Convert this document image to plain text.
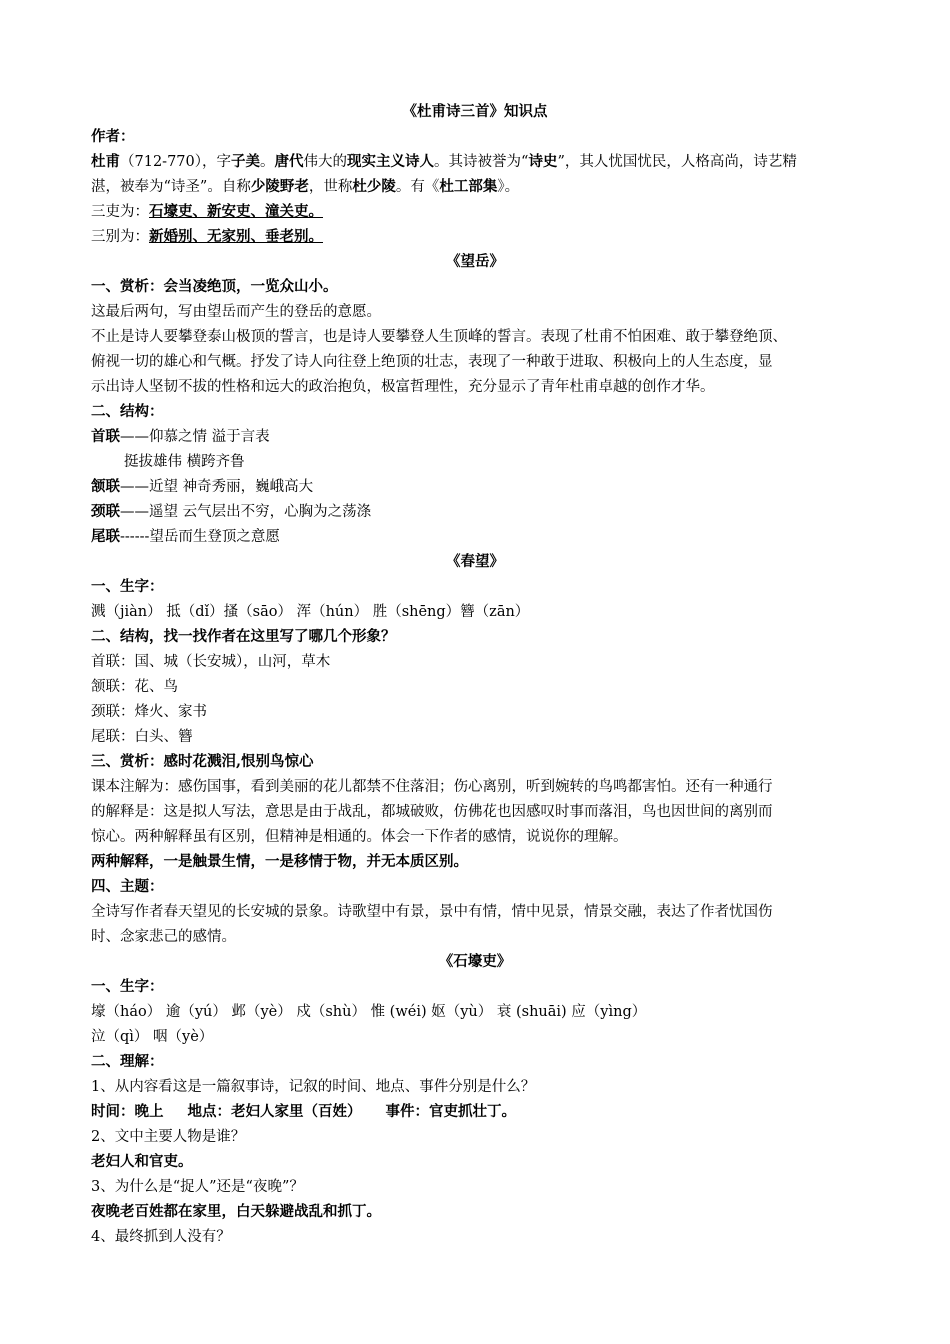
《杜甫诗三首》知识点
作者：
杜甫（712-770），字子美。唐代伟大的现实主义诗人。其诗被誉为“诗史”，其人忧国忧民，人格高尚，诗艺精
湛，被奉为“诗圣”。自称少陵野老，世称杜少陵。有《杜工部集》。
三吏为：石壕吏、新安吏、潼关吏。
三别为：新婚别、无家别、垂老别。
《望岳》
一、赏析：会当凌绝顶，一览众山小。
这最后两句，写由望岳而产生的登岳的意愿。
不止是诗人要攀登泰山极顶的誓言，也是诗人要攀登人生顶峰的誓言。表现了杜甫不怕困难、敢于攀登绝顶、
俯视一切的雄心和气概。抒发了诗人向往登上绝顶的壮志，表现了一种敢于进取、积极向上的人生态度，显
示出诗人坚韧不拔的性格和远大的政治抱负，极富哲理性，充分显示了青年杜甫卓越的创作才华。
二、结构：
首联——仰慕之情 溢于言表
挺拔雄伟 横跨齐鲁
颔联——近望 神奇秀丽，巍峨高大
颈联——遥望 云气层出不穷，心胸为之荡涤
尾联------望岳而生登顶之意愿
《春望》
一、生字：
溅（jiàn） 抵（dǐ）搔（sāo） 浑（hún） 胜（shēng）簪（zān）
二、结构，找一找作者在这里写了哪几个形象？
首联：国、城（长安城），山河，草木
颔联：花、鸟
颈联：烽火、家书
尾联：白头、簪
三、赏析：感时花溅泪,恨别鸟惊心
课本注解为：感伤国事，看到美丽的花儿都禁不住落泪；伤心离别，听到婉转的鸟鸣都害怕。还有一种通行
的解释是：这是拟人写法，意思是由于战乱，都城破败，仿佛花也因感叹时事而落泪，鸟也因世间的离别而
惊心。两种解释虽有区别，但精神是相通的。体会一下作者的感情，说说你的理解。
两种解释，一是触景生情，一是移情于物，并无本质区别。
四、主题：
全诗写作者春天望见的长安城的景象。诗歌望中有景，景中有情，情中见景，情景交融，表达了作者忧国伤
时、念家悲己的感情。
《石壕吏》
一、生字：
壕（háo） 逾（yú） 邺（yè） 戍（shù） 惟 (wéi) 妪（yù） 衰 (shuāi) 应（yìng）
泣（qì） 咽（yè）
二、理解：
1、从内容看这是一篇叙事诗，记叙的时间、地点、事件分别是什么？
时间：晚上 地点：老妇人家里（百姓） 事件：官吏抓壮丁。
2、文中主要人物是谁？
老妇人和官吏。
3、为什么是“捉人”还是“夜晚”？
夜晚老百姓都在家里，白天躲避战乱和抓丁。
4、最终抓到人没有？
